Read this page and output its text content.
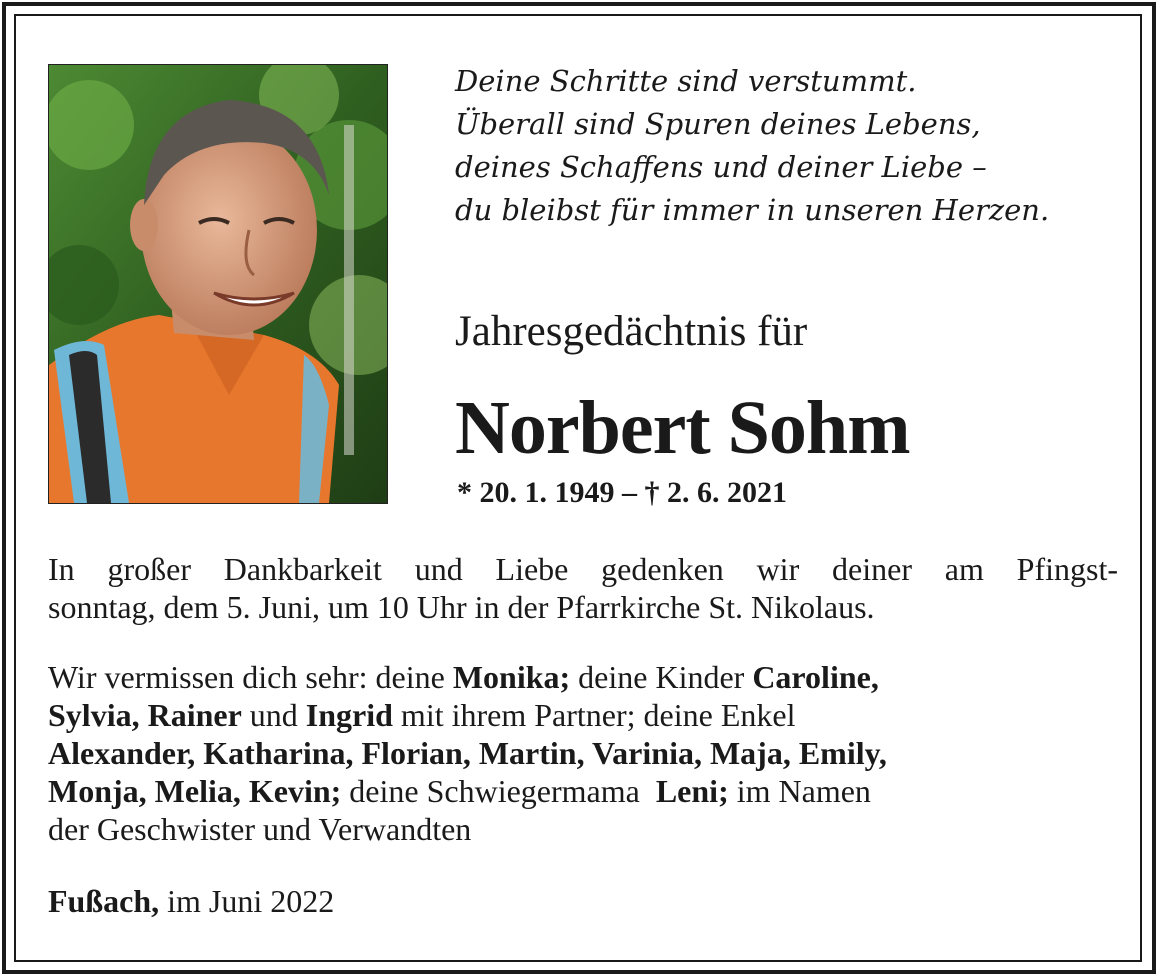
Deine Schritte sind verstummt.
Überall sind Spuren deines Lebens,
deines Schaffens und deiner Liebe –
du bleibst für immer in unseren Herzen.
Jahresgedächtnis für
Norbert Sohm
* 20. 1. 1949 – † 2. 6. 2021
In großer Dankbarkeit und Liebe gedenken wir deiner am Pfingst-
sonntag, dem 5. Juni, um 10 Uhr in der Pfarrkirche St. Nikolaus.
Wir vermissen dich sehr: deine Monika; deine Kinder Caroline,
Sylvia, Rainer und Ingrid mit ihrem Partner; deine Enkel
Alexander, Katharina, Florian, Martin, Varinia, Maja, Emily,
Monja, Melia, Kevin; deine Schwiegermama  Leni; im Namen
der Geschwister und Verwandten
Fußach, im Juni 2022
